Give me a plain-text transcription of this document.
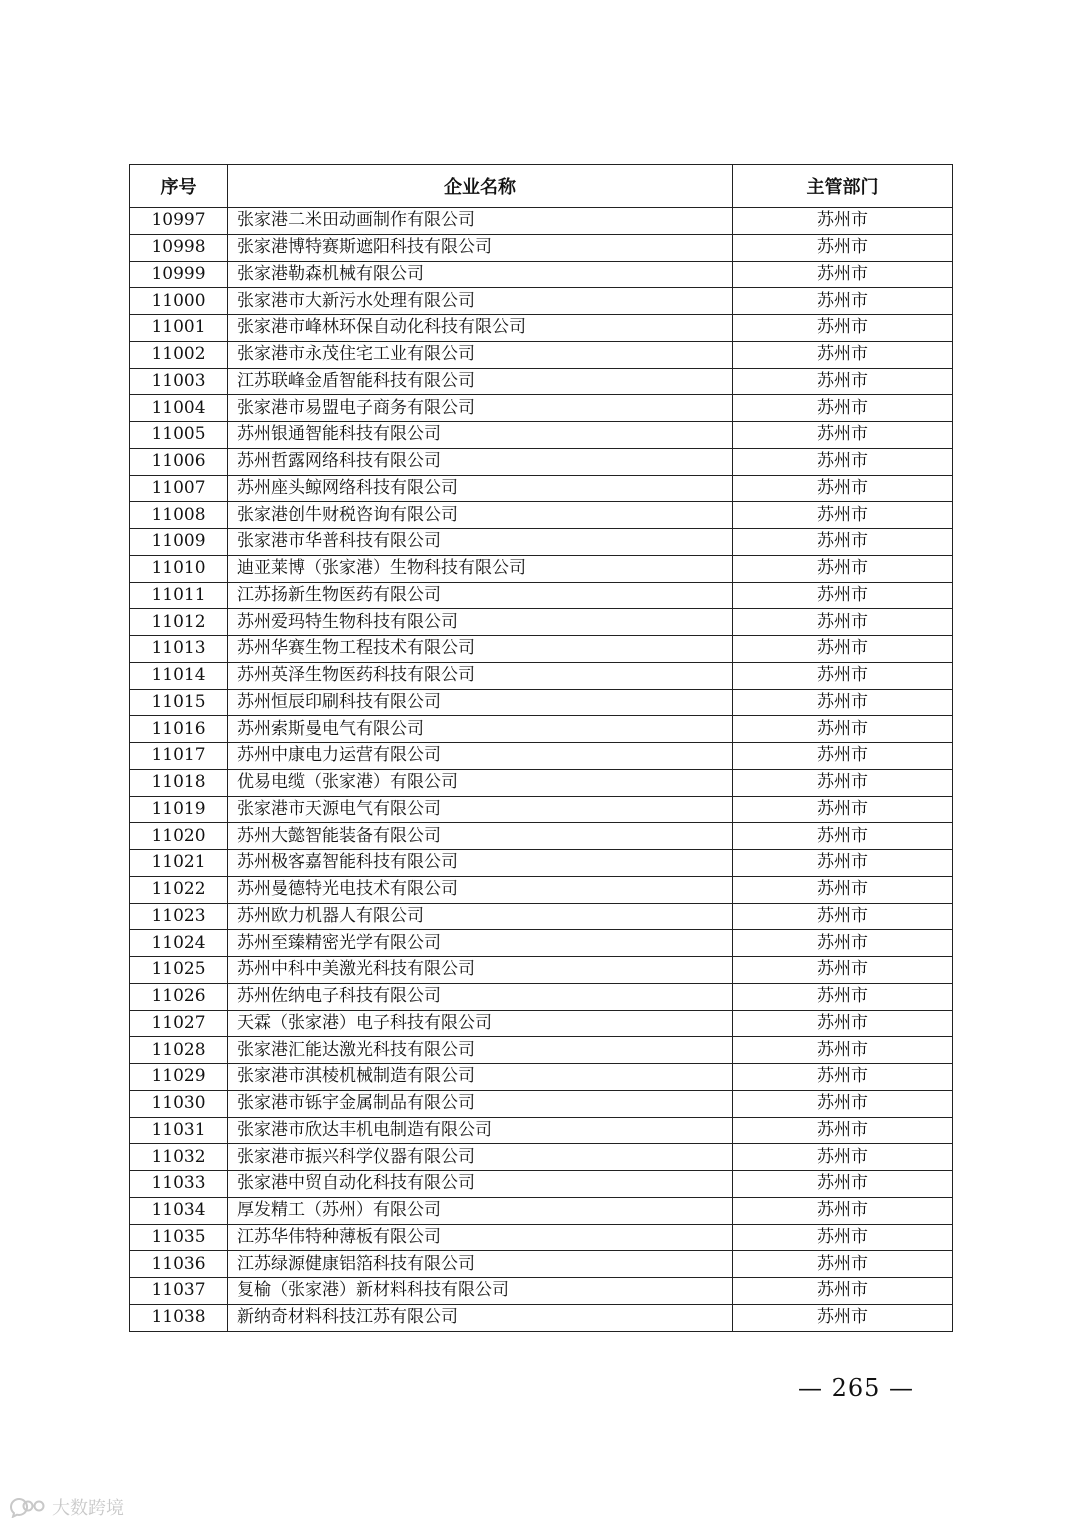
序号	企业名称	主管部门
10997	张家港二米田动画制作有限公司	苏州市
10998	张家港博特赛斯遮阳科技有限公司	苏州市
10999	张家港勒森机械有限公司	苏州市
11000	张家港市大新污水处理有限公司	苏州市
11001	张家港市峰林环保自动化科技有限公司	苏州市
11002	张家港市永茂住宅工业有限公司	苏州市
11003	江苏联峰金盾智能科技有限公司	苏州市
11004	张家港市易盟电子商务有限公司	苏州市
11005	苏州银通智能科技有限公司	苏州市
11006	苏州哲露网络科技有限公司	苏州市
11007	苏州座头鲸网络科技有限公司	苏州市
11008	张家港创牛财税咨询有限公司	苏州市
11009	张家港市华普科技有限公司	苏州市
11010	迪亚莱博（张家港）生物科技有限公司	苏州市
11011	江苏扬新生物医药有限公司	苏州市
11012	苏州爱玛特生物科技有限公司	苏州市
11013	苏州华赛生物工程技术有限公司	苏州市
11014	苏州英泽生物医药科技有限公司	苏州市
11015	苏州恒辰印刷科技有限公司	苏州市
11016	苏州索斯曼电气有限公司	苏州市
11017	苏州中康电力运营有限公司	苏州市
11018	优易电缆（张家港）有限公司	苏州市
11019	张家港市天源电气有限公司	苏州市
11020	苏州大懿智能装备有限公司	苏州市
11021	苏州极客嘉智能科技有限公司	苏州市
11022	苏州曼德特光电技术有限公司	苏州市
11023	苏州欧力机器人有限公司	苏州市
11024	苏州至臻精密光学有限公司	苏州市
11025	苏州中科中美激光科技有限公司	苏州市
11026	苏州佐纳电子科技有限公司	苏州市
11027	天霖（张家港）电子科技有限公司	苏州市
11028	张家港汇能达激光科技有限公司	苏州市
11029	张家港市淇棱机械制造有限公司	苏州市
11030	张家港市铄宇金属制品有限公司	苏州市
11031	张家港市欣达丰机电制造有限公司	苏州市
11032	张家港市振兴科学仪器有限公司	苏州市
11033	张家港中贸自动化科技有限公司	苏州市
11034	厚发精工（苏州）有限公司	苏州市
11035	江苏华伟特种薄板有限公司	苏州市
11036	江苏绿源健康铝箔科技有限公司	苏州市
11037	复榆（张家港）新材料科技有限公司	苏州市
11038	新纳奇材料科技江苏有限公司	苏州市
— 265 —
大数跨境
